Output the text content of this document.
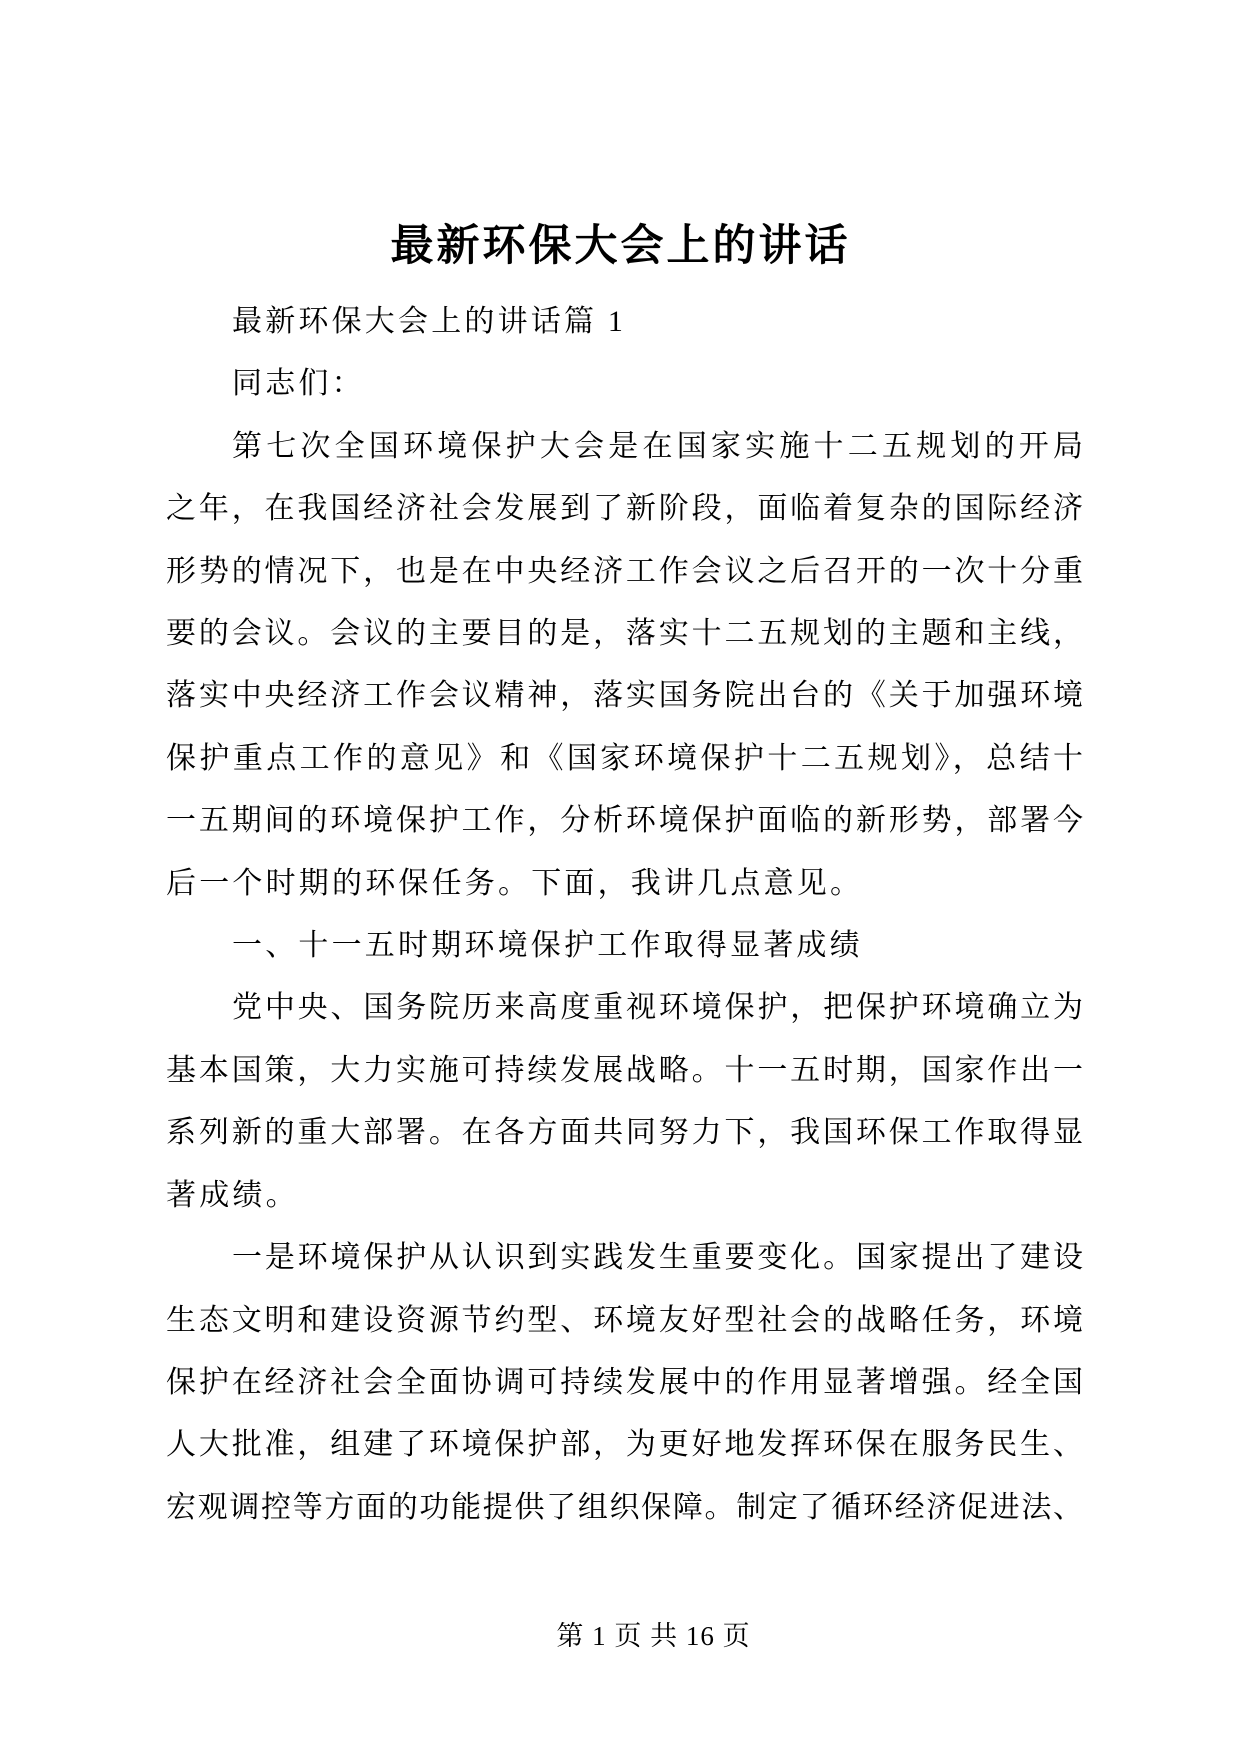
最新环保大会上的讲话
最新环保大会上的讲话篇 1
同志们：
第七次全国环境保护大会是在国家实施十二五规划的开局
之年，在我国经济社会发展到了新阶段，面临着复杂的国际经济
形势的情况下，也是在中央经济工作会议之后召开的一次十分重
要的会议。会议的主要目的是，落实十二五规划的主题和主线，
落实中央经济工作会议精神，落实国务院出台的《关于加强环境
保护重点工作的意见》和《国家环境保护十二五规划》，总结十
一五期间的环境保护工作，分析环境保护面临的新形势，部署今
后一个时期的环保任务。下面，我讲几点意见。
一、十一五时期环境保护工作取得显著成绩
党中央、国务院历来高度重视环境保护，把保护环境确立为
基本国策，大力实施可持续发展战略。十一五时期，国家作出一
系列新的重大部署。在各方面共同努力下，我国环保工作取得显
著成绩。
一是环境保护从认识到实践发生重要变化。国家提出了建设
生态文明和建设资源节约型、环境友好型社会的战略任务，环境
保护在经济社会全面协调可持续发展中的作用显著增强。经全国
人大批准，组建了环境保护部，为更好地发挥环保在服务民生、
宏观调控等方面的功能提供了组织保障。制定了循环经济促进法、
第 1 页 共 16 页
